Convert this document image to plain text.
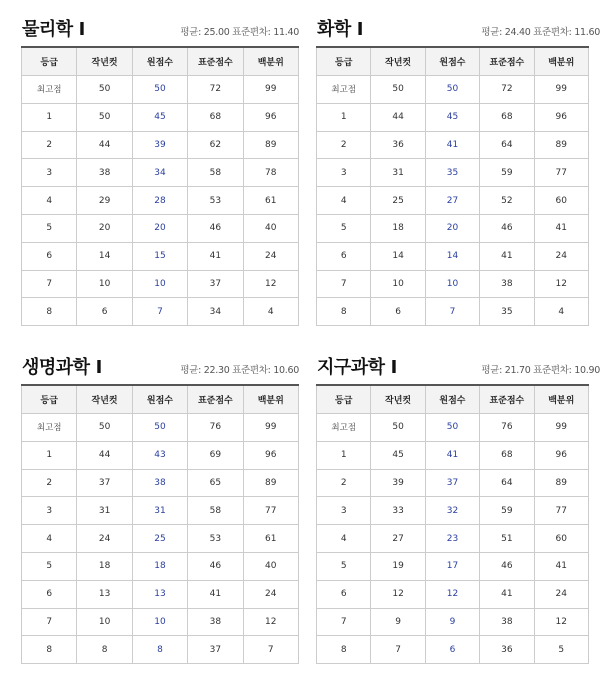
물리학 I	평균: 25.00 표준편차: 11.40
등급	작년컷	원점수	표준점수	백분위
최고점	50	50	72	99
1	50	45	68	96
2	44	39	62	89
3	38	34	58	78
4	29	28	53	61
5	20	20	46	40
6	14	15	41	24
7	10	10	37	12
8	6	7	34	4
화학 I	평균: 24.40 표준편차: 11.60
등급	작년컷	원점수	표준점수	백분위
최고점	50	50	72	99
1	44	45	68	96
2	36	41	64	89
3	31	35	59	77
4	25	27	52	60
5	18	20	46	41
6	14	14	41	24
7	10	10	38	12
8	6	7	35	4
생명과학 I	평균: 22.30 표준편차: 10.60
등급	작년컷	원점수	표준점수	백분위
최고점	50	50	76	99
1	44	43	69	96
2	37	38	65	89
3	31	31	58	77
4	24	25	53	61
5	18	18	46	40
6	13	13	41	24
7	10	10	38	12
8	8	8	37	7
지구과학 I	평균: 21.70 표준편차: 10.90
등급	작년컷	원점수	표준점수	백분위
최고점	50	50	76	99
1	45	41	68	96
2	39	37	64	89
3	33	32	59	77
4	27	23	51	60
5	19	17	46	41
6	12	12	41	24
7	9	9	38	12
8	7	6	36	5
